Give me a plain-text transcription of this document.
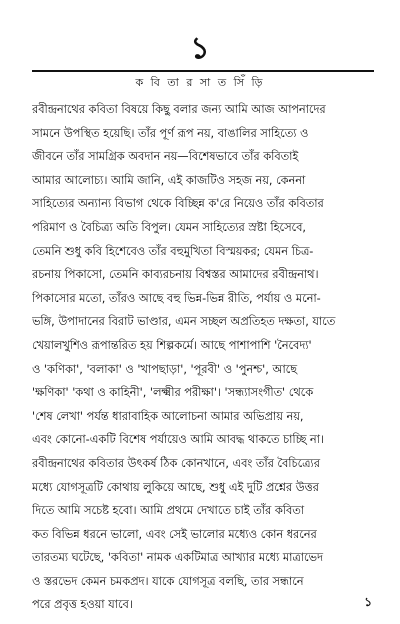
১
ক বি তা র সা ত সিঁ ড়ি
রবীন্দ্রনাথের কবিতা বিষয়ে কিছু বলার জন্য আমি আজ আপনাদের
সামনে উপস্থিত হয়েছি। তাঁর পূর্ণ রূপ নয়, বাঙালির সাহিত্যে ও
জীবনে তাঁর সামগ্রিক অবদান নয়—বিশেষভাবে তাঁর কবিতাই
আমার আলোচ্য। আমি জানি, এই কাজটিও সহজ নয়, কেননা
সাহিত্যের অন্যান্য বিভাগ থেকে বিচ্ছিন্ন ক'রে নিয়েও তাঁর কবিতার
পরিমাণ ও বৈচিত্র্য অতি বিপুল। যেমন সাহিত্যের স্রষ্টা হিসেবে,
তেমনি শুধু কবি হিশেবেও তাঁর বহুমুখিতা বিস্ময়কর; যেমন চিত্র-
রচনায় পিকাসো, তেমনি কাব্যরচনায় বিশ্বস্তর আমাদের রবীন্দ্রনাথ।
পিকাসোর মতো, তাঁরও আছে বহু ভিন্ন-ভিন্ন রীতি, পর্যায় ও মনো-
ভঙ্গি, উপাদানের বিরাট ভাণ্ডার, এমন সচ্ছল অপ্রতিহত দক্ষতা, যাতে
খেয়ালখুশিও রূপান্তরিত হয় শিল্পকর্মে। আছে পাশাপাশি 'নৈবেদ্য'
ও 'কণিকা', 'বলাকা' ও 'খাপছাড়া', 'পূরবী' ও 'পুনশ্চ', আছে
'ক্ষণিকা' 'কথা ও কাহিনী', 'লক্ষ্মীর পরীক্ষা'। 'সন্ধ্যাসংগীত' থেকে
'শেষ লেখা' পর্যন্ত ধারাবাহিক আলোচনা আমার অভিপ্রায় নয়,
এবং কোনো-একটি বিশেষ পর্যায়েও আমি আবদ্ধ থাকতে চাচ্ছি না।
রবীন্দ্রনাথের কবিতার উৎকর্ষ ঠিক কোনখানে, এবং তাঁর বৈচিত্র্যের
মধ্যে যোগসূত্রটি কোথায় লুকিয়ে আছে, শুধু এই দুটি প্রশ্নের উত্তর
দিতে আমি সচেষ্ট হবো। আমি প্রথমে দেখাতে চাই তাঁর কবিতা
কত বিভিন্ন ধরনে ভালো, এবং সেই ভালোর মধ্যেও কোন ধরনের
তারতম্য ঘটেছে, 'কবিতা' নামক একটিমাত্র আখ্যার মধ্যে মাত্রাভেদ
ও স্তরভেদ কেমন চমকপ্রদ। যাকে যোগসূত্র বলছি, তার সন্ধানে
পরে প্রবৃত্ত হওয়া যাবে।	১
